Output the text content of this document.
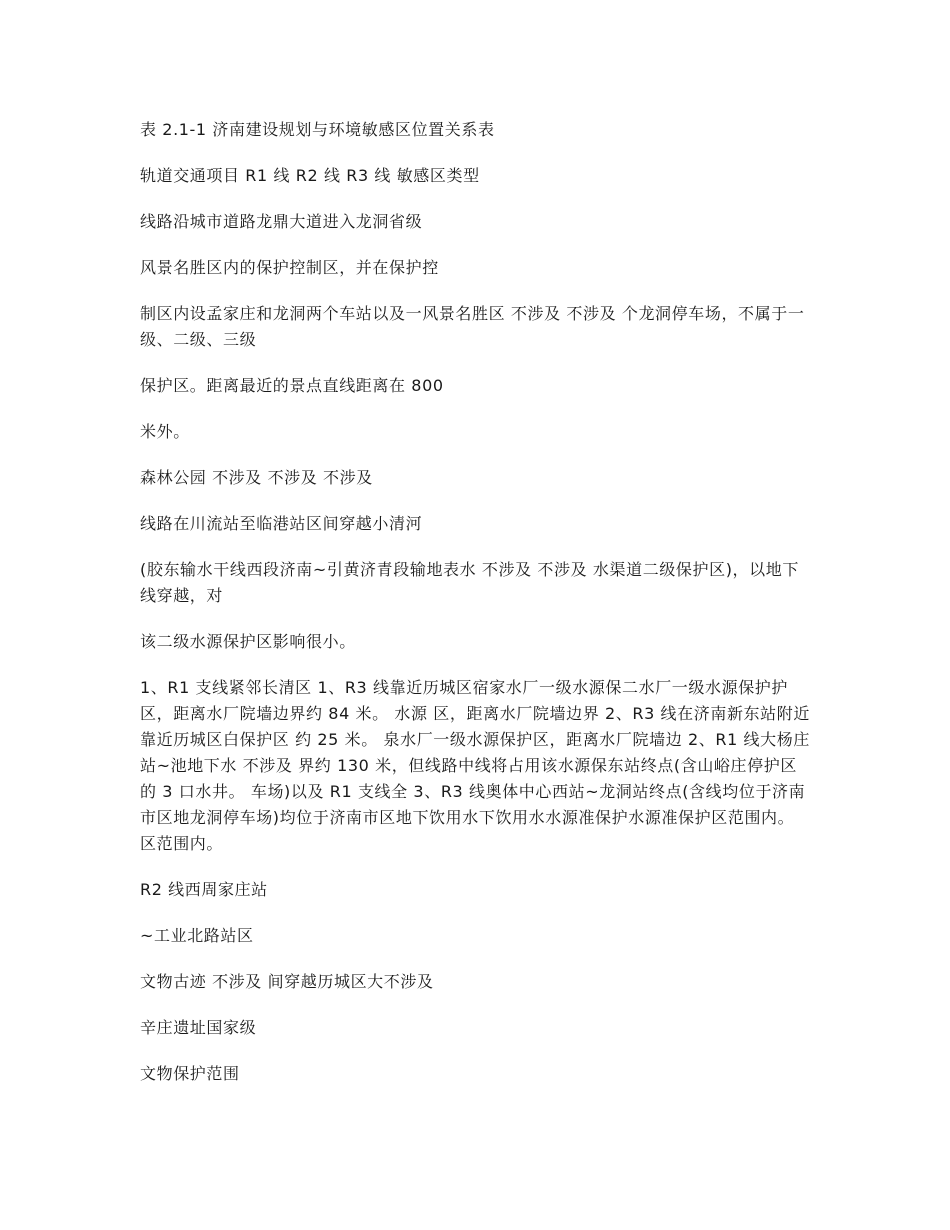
表 2.1-1 济南建设规划与环境敏感区位置关系表

轨道交通项目 R1 线 R2 线 R3 线 敏感区类型

线路沿城市道路龙鼎大道进入龙洞省级

风景名胜区内的保护控制区，并在保护控

制区内设孟家庄和龙洞两个车站以及一风景名胜区 不涉及 不涉及 个龙洞停车场，不属于一级、二级、三级

保护区。距离最近的景点直线距离在 800

米外。

森林公园 不涉及 不涉及 不涉及

线路在川流站至临港站区间穿越小清河

(胶东输水干线西段济南~引黄济青段输地表水 不涉及 不涉及 水渠道二级保护区)，以地下线穿越，对

该二级水源保护区影响很小。

1、R1 支线紧邻长清区 1、R3 线靠近历城区宿家水厂一级水源保二水厂一级水源保护护区，距离水厂院墙边界约 84 米。 水源 区，距离水厂院墙边界 2、R3 线在济南新东站附近靠近历城区白保护区 约 25 米。 泉水厂一级水源保护区，距离水厂院墙边 2、R1 线大杨庄站~池地下水 不涉及 界约 130 米，但线路中线将占用该水源保东站终点(含山峪庄停护区的 3 口水井。 车场)以及 R1 支线全 3、R3 线奥体中心西站~龙洞站终点(含线均位于济南市区地龙洞停车场)均位于济南市区地下饮用水下饮用水水源准保护水源准保护区范围内。 区范围内。

R2 线西周家庄站

~工业北路站区

文物古迹 不涉及 间穿越历城区大不涉及

辛庄遗址国家级

文物保护范围
